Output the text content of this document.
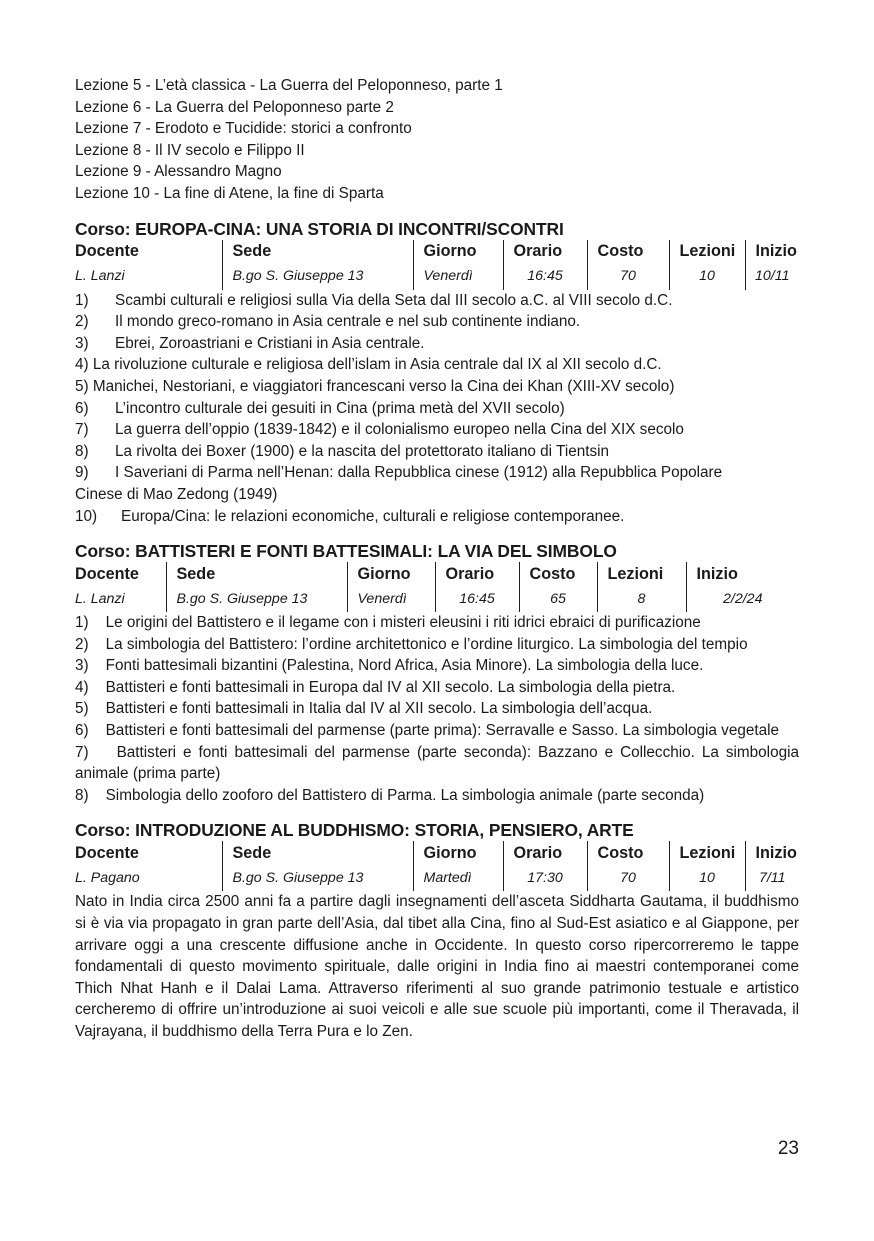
Lezione 5 - L’età classica - La Guerra del Peloponneso, parte 1
Lezione 6 - La Guerra del Peloponneso parte 2
Lezione 7 - Erodoto e Tucidide: storici a confronto
Lezione 8 - Il IV secolo e Filippo II
Lezione 9 - Alessandro Magno
Lezione 10 - La fine di Atene, la fine di Sparta
Corso: EUROPA-CINA: UNA STORIA DI INCONTRI/SCONTRI
Docente	Sede	Giorno	Orario	Costo	Lezioni	Inizio
L. Lanzi	B.go S. Giuseppe 13	Venerdì	16:45	70	10	10/11
1)	Scambi culturali e religiosi sulla Via della Seta dal III secolo a.C. al VIII secolo d.C.
2)	Il mondo greco-romano in Asia centrale e nel sub continente indiano.
3)	Ebrei, Zoroastriani e Cristiani in Asia centrale.
4) La rivoluzione culturale e religiosa dell’islam in Asia centrale dal IX al XII secolo d.C.
5) Manichei, Nestoriani, e viaggiatori francescani verso la Cina dei Khan (XIII-XV secolo)
6)	L’incontro culturale dei gesuiti in Cina (prima metà del XVII secolo)
7)	La guerra dell’oppio (1839-1842) e il colonialismo europeo nella Cina del XIX secolo
8)	La rivolta dei Boxer (1900) e la nascita del protettorato italiano di Tientsin
9)	I Saveriani di Parma nell’Henan: dalla Repubblica cinese (1912) alla Repubblica Popolare
Cinese di Mao Zedong (1949)
10)	Europa/Cina: le relazioni economiche, culturali e religiose contemporanee.
Corso: BATTISTERI E FONTI BATTESIMALI: LA VIA DEL SIMBOLO
Docente	Sede	Giorno	Orario	Costo	Lezioni	Inizio
L. Lanzi	B.go S. Giuseppe 13	Venerdì	16:45	65	8	2/2/24
1) Le origini del Battistero e il legame con i misteri eleusini i riti idrici ebraici di purificazione
2) La simbologia del Battistero: l’ordine architettonico e l’ordine liturgico. La simbologia del tempio
3) Fonti battesimali bizantini (Palestina, Nord Africa, Asia Minore). La simbologia della luce.
4) Battisteri e fonti battesimali in Europa dal IV al XII secolo. La simbologia della pietra.
5) Battisteri e fonti battesimali in Italia dal IV al XII secolo. La simbologia dell’acqua.
6) Battisteri e fonti battesimali del parmense (parte prima): Serravalle e Sasso. La simbologia vegetale
7) Battisteri e fonti battesimali del parmense (parte seconda): Bazzano e Collecchio. La simbologia animale (prima parte)
8) Simbologia dello zooforo del Battistero di Parma. La simbologia animale (parte seconda)
Corso: INTRODUZIONE AL BUDDHISMO: STORIA, PENSIERO, ARTE
Docente	Sede	Giorno	Orario	Costo	Lezioni	Inizio
L. Pagano	B.go S. Giuseppe 13	Martedì	17:30	70	10	7/11
Nato in India circa 2500 anni fa a partire dagli insegnamenti dell’asceta Siddharta Gautama, il buddhismo si è via via propagato in gran parte dell’Asia, dal tibet alla Cina, fino al Sud-Est asiatico e al Giappone, per arrivare oggi a una crescente diffusione anche in Occidente. In questo corso ripercorreremo le tappe fondamentali di questo movimento spirituale, dalle origini in India fino ai maestri contemporanei come Thich Nhat Hanh e il Dalai Lama. Attraverso riferimenti al suo grande patrimonio testuale e artistico cercheremo di offrire un’introduzione ai suoi veicoli e alle sue scuole più importanti, come il Theravada, il Vajrayana, il buddhismo della Terra Pura e lo Zen.
23
